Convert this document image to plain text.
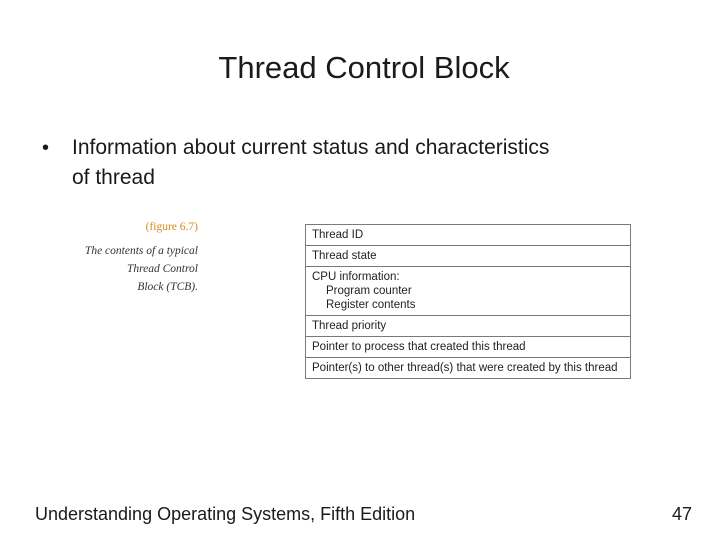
Thread Control Block
• Information about current status and characteristics
of thread
(figure 6.7)
The contents of a typical
Thread Control
Block (TCB).
Thread ID
Thread state
CPU information:
Program counter
Register contents

Thread priority
Pointer to process that created this thread
Pointer(s) to other thread(s) that were created by this thread
Understanding Operating Systems, Fifth Edition	47
